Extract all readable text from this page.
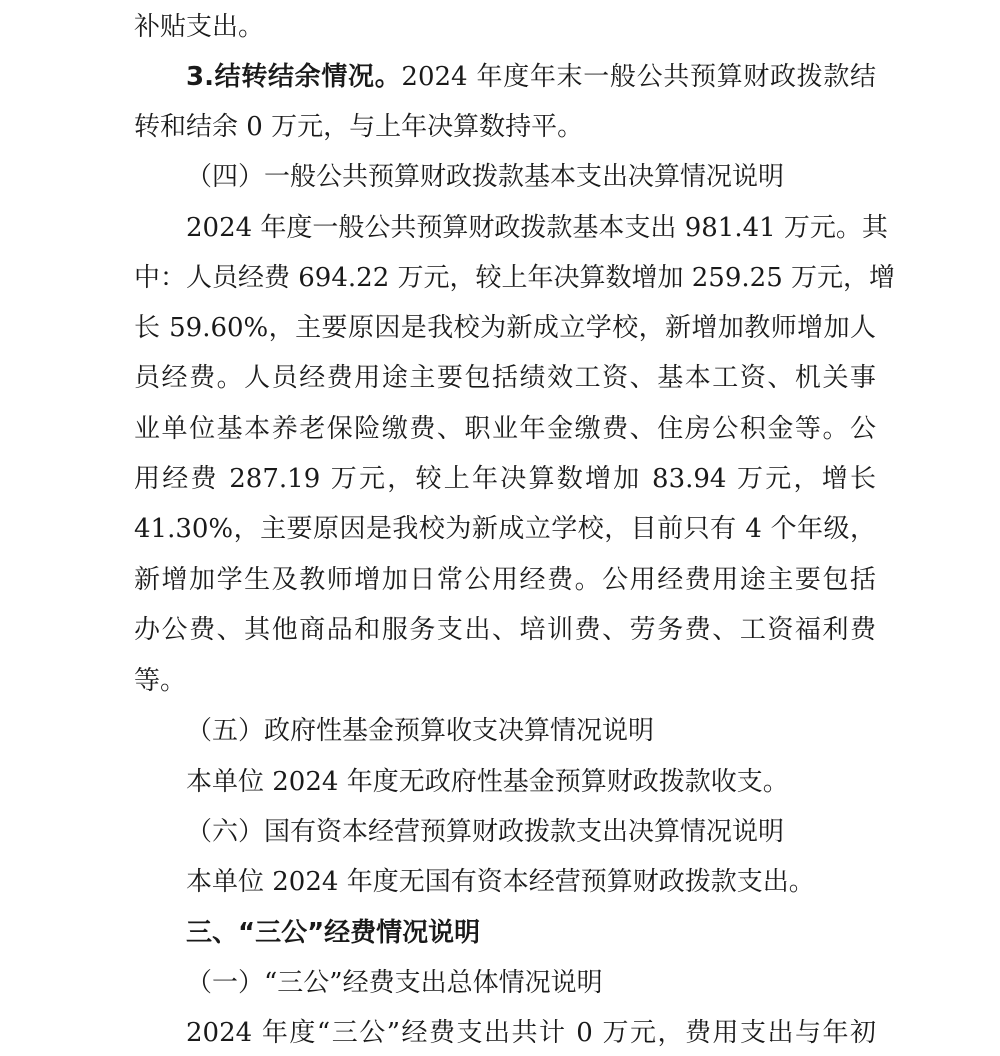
补贴支出。
3.结转结余情况。2024 年度年末一般公共预算财政拨款结
转和结余 0 万元，与上年决算数持平。
（四）一般公共预算财政拨款基本支出决算情况说明
2024 年度一般公共预算财政拨款基本支出 981.41 万元。其
中：人员经费 694.22 万元，较上年决算数增加 259.25 万元，增
长 59.60%，主要原因是我校为新成立学校，新增加教师增加人
员经费。人员经费用途主要包括绩效工资、基本工资、机关事
业单位基本养老保险缴费、职业年金缴费、住房公积金等。公
用经费 287.19 万元，较上年决算数增加 83.94 万元，增长
41.30%，主要原因是我校为新成立学校，目前只有 4 个年级，
新增加学生及教师增加日常公用经费。公用经费用途主要包括
办公费、其他商品和服务支出、培训费、劳务费、工资福利费
等。
（五）政府性基金预算收支决算情况说明
本单位 2024 年度无政府性基金预算财政拨款收支。
（六）国有资本经营预算财政拨款支出决算情况说明
本单位 2024 年度无国有资本经营预算财政拨款支出。
三、“三公”经费情况说明
（一）“三公”经费支出总体情况说明
2024 年度“三公”经费支出共计 0 万元，费用支出与年初
